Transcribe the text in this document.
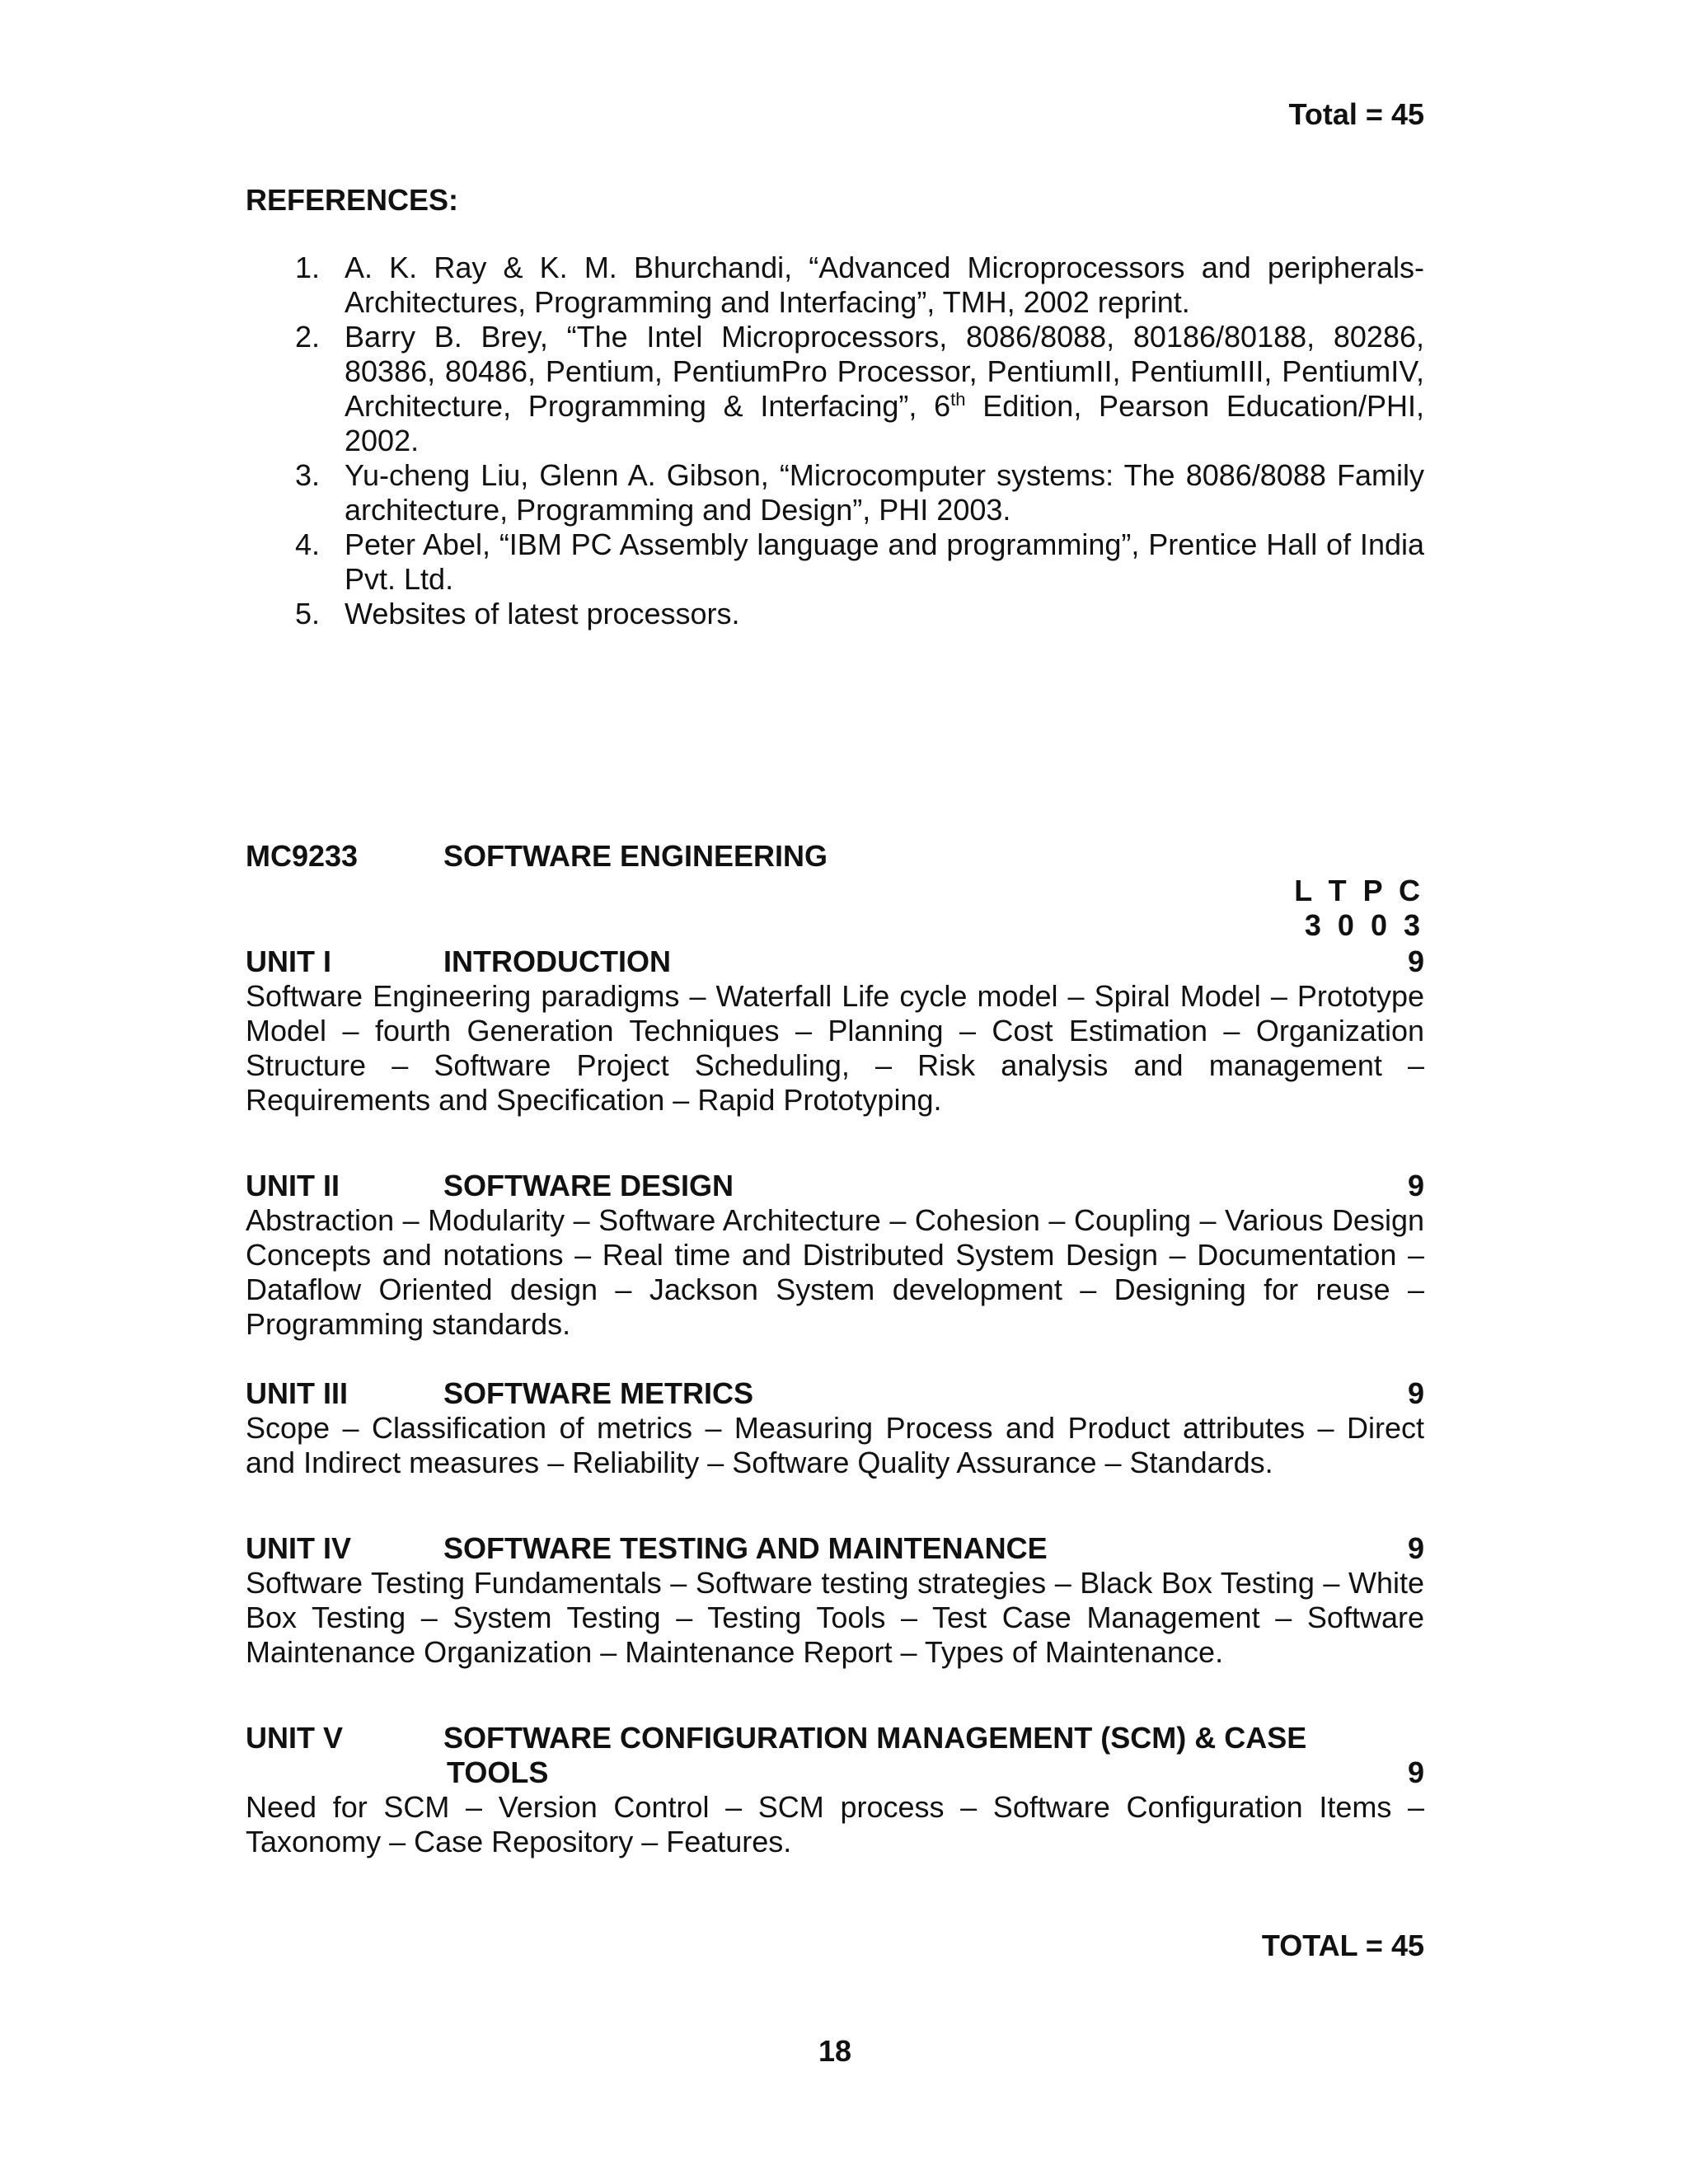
Total = 45
REFERENCES:
1. A. K. Ray & K. M. Bhurchandi, “Advanced Microprocessors and peripherals- Architectures, Programming and Interfacing”, TMH, 2002 reprint.
2. Barry B. Brey, “The Intel Microprocessors, 8086/8088, 80186/80188, 80286, 80386, 80486, Pentium, PentiumPro Processor, PentiumII, PentiumIII, PentiumIV, Architecture, Programming & Interfacing”, 6th Edition, Pearson Education/PHI, 2002.
3. Yu-cheng Liu, Glenn A. Gibson, “Microcomputer systems: The 8086/8088 Family architecture, Programming and Design”, PHI 2003.
4. Peter Abel, “IBM PC Assembly language and programming”, Prentice Hall of India Pvt. Ltd.
5. Websites of latest processors.
MC9233	SOFTWARE ENGINEERING
L T P C
3 0 0 3
UNIT I	INTRODUCTION	9
Software Engineering paradigms – Waterfall Life cycle model – Spiral Model – Prototype Model – fourth Generation Techniques – Planning – Cost Estimation – Organization Structure – Software Project Scheduling, – Risk analysis and management – Requirements and Specification – Rapid Prototyping.
UNIT II	SOFTWARE DESIGN	9
Abstraction – Modularity – Software Architecture – Cohesion – Coupling – Various Design Concepts and notations – Real time and Distributed System Design – Documentation – Dataflow Oriented design – Jackson System development – Designing for reuse – Programming standards.
UNIT III	SOFTWARE METRICS	9
Scope – Classification of metrics – Measuring Process and Product attributes – Direct and Indirect measures – Reliability – Software Quality Assurance – Standards.
UNIT IV	SOFTWARE TESTING AND MAINTENANCE	9
Software Testing Fundamentals – Software testing strategies – Black Box Testing – White Box Testing – System Testing – Testing Tools – Test Case Management – Software Maintenance Organization – Maintenance Report – Types of Maintenance.
UNIT V	SOFTWARE CONFIGURATION MANAGEMENT (SCM) & CASE
TOOLS	9
Need for SCM – Version Control – SCM process – Software Configuration Items – Taxonomy – Case Repository – Features.
TOTAL = 45
18
